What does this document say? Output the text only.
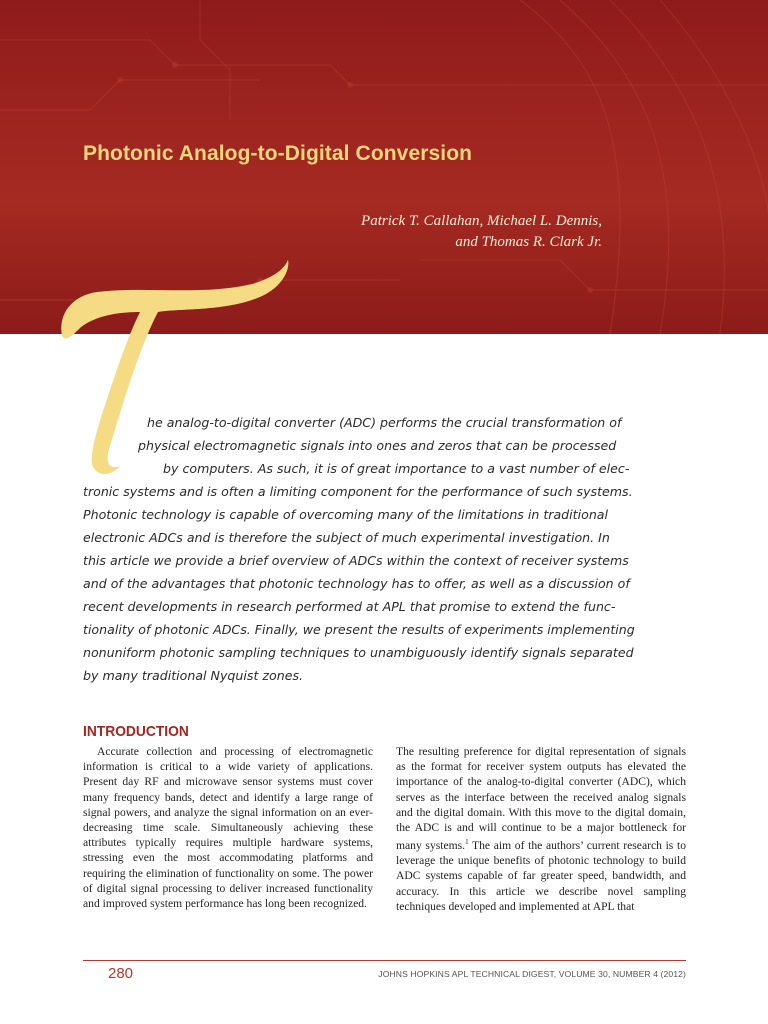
Photonic Analog-to-Digital Conversion
Patrick T. Callahan, Michael L. Dennis,
and Thomas R. Clark Jr.
he analog-to-digital converter (ADC) performs the crucial transformation of
physical electromagnetic signals into ones and zeros that can be processed
by computers. As such, it is of great importance to a vast number of elec-
tronic systems and is often a limiting component for the performance of such systems.
Photonic technology is capable of overcoming many of the limitations in traditional
electronic ADCs and is therefore the subject of much experimental investigation. In
this article we provide a brief overview of ADCs within the context of receiver systems
and of the advantages that photonic technology has to offer, as well as a discussion of
recent developments in research performed at APL that promise to extend the func-
tionality of photonic ADCs. Finally, we present the results of experiments implementing
nonuniform photonic sampling techniques to unambiguously identify signals separated
by many traditional Nyquist zones.
INTRODUCTION
Accurate collection and processing of electromagnetic information is critical to a wide variety of applications. Present day RF and microwave sensor systems must cover many frequency bands, detect and identify a large range of signal powers, and analyze the signal information on an ever-decreasing time scale. Simultaneously achieving these attributes typically requires multiple hardware systems, stressing even the most accommodating platforms and requiring the elimination of functionality on some. The power of digital signal processing to deliver increased functionality and improved system performance has long been recognized.
The resulting preference for digital representation of signals as the format for receiver system outputs has elevated the importance of the analog-to-digital converter (ADC), which serves as the interface between the received analog signals and the digital domain. With this move to the digital domain, the ADC is and will continue to be a major bottleneck for many systems.$^1$ The aim of the authors’ current research is to leverage the unique benefits of photonic technology to build ADC systems capable of far greater speed, bandwidth, and accuracy. In this article we describe novel sampling techniques developed and implemented at APL that
280	JOHNS HOPKINS APL TECHNICAL DIGEST, VOLUME 30, NUMBER 4 (2012)
